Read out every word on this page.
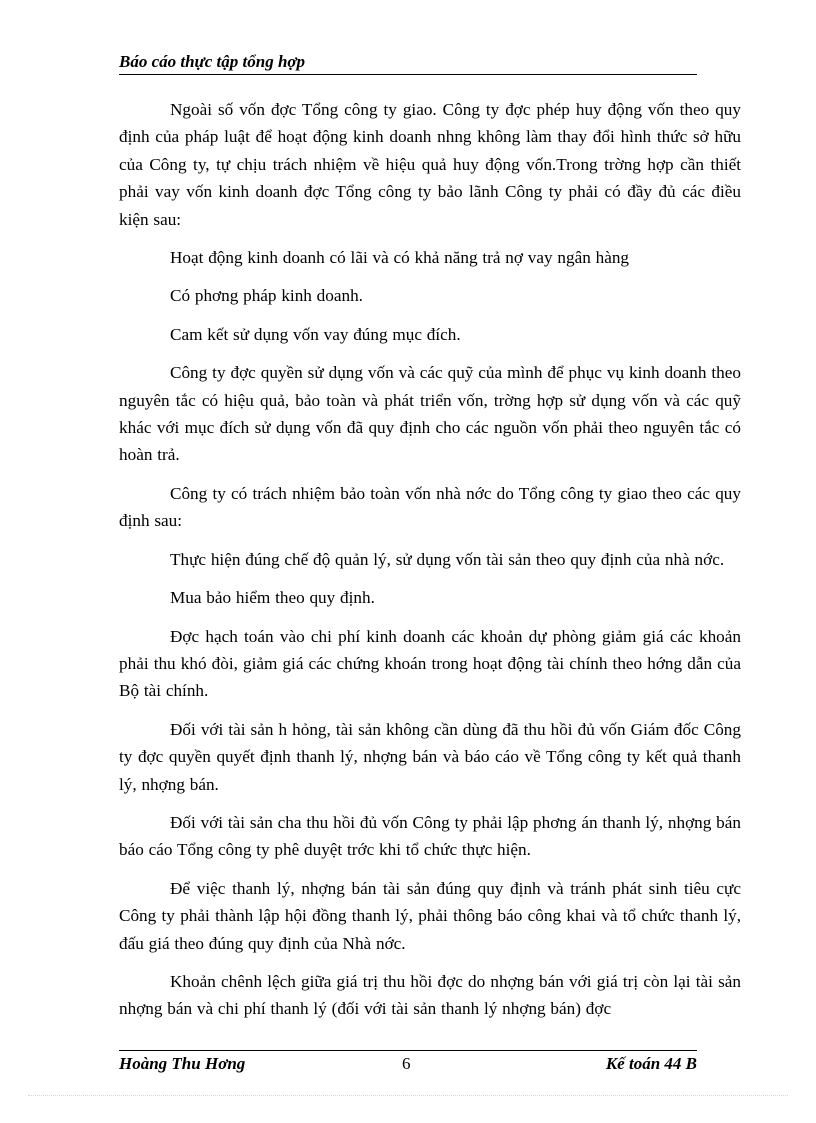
Báo cáo thực tập tổng hợp

Ngoài số vốn đợc Tổng công ty giao. Công ty đợc phép huy động vốn theo quy định của pháp luật để hoạt động kinh doanh nhng không làm thay đổi hình thức sở hữu của Công ty, tự chịu trách nhiệm về hiệu quả huy động vốn.Trong trờng hợp cần thiết phải vay vốn kinh doanh đợc Tổng công ty bảo lãnh Công ty phải có đầy đủ các điều kiện sau:

Hoạt động kinh doanh có lãi và có khả năng trả nợ vay ngân hàng

Có phơng pháp kinh doanh.

Cam kết sử dụng vốn vay đúng mục đích.

Công ty đợc quyền sử dụng vốn và các quỹ của mình để phục vụ kinh doanh theo nguyên tắc có hiệu quả, bảo toàn và phát triển vốn, trờng hợp sử dụng vốn và các quỹ khác với mục đích sử dụng vốn đã quy định cho các nguồn vốn phải theo nguyên tắc có hoàn trả.

Công ty có trách nhiệm bảo toàn vốn nhà nớc do Tổng công ty giao theo các quy định sau:

Thực hiện đúng chế độ quản lý, sử dụng vốn tài sản theo quy định của nhà nớc.

Mua bảo hiểm theo quy định.

Đợc hạch toán vào chi phí kinh doanh các khoản dự phòng giảm giá các khoản phải thu khó đòi, giảm giá các chứng khoán trong hoạt động tài chính theo hớng dẫn của Bộ tài chính.

Đối với tài sản h hỏng, tài sản không cần dùng đã thu hồi đủ vốn Giám đốc Công ty đợc quyền quyết định thanh lý, nhợng bán và báo cáo về Tổng công ty kết quả thanh lý, nhợng bán.

Đối với tài sản cha thu hồi đủ vốn Công ty phải lập phơng án thanh lý, nhợng bán báo cáo Tổng công ty phê duyệt trớc khi tổ chức thực hiện.

Để việc thanh lý, nhợng bán tài sản đúng quy định và tránh phát sinh tiêu cực Công ty phải thành lập hội đồng thanh lý, phải thông báo công khai và tổ chức thanh lý, đấu giá theo đúng quy định của Nhà nớc.

Khoản chênh lệch giữa giá trị thu hồi đợc do nhợng bán với giá trị còn lại tài sản nhợng bán và chi phí thanh lý (đối với tài sản thanh lý nhợng bán) đợc

Hoàng Thu Hơng	6	Kế toán 44 B
